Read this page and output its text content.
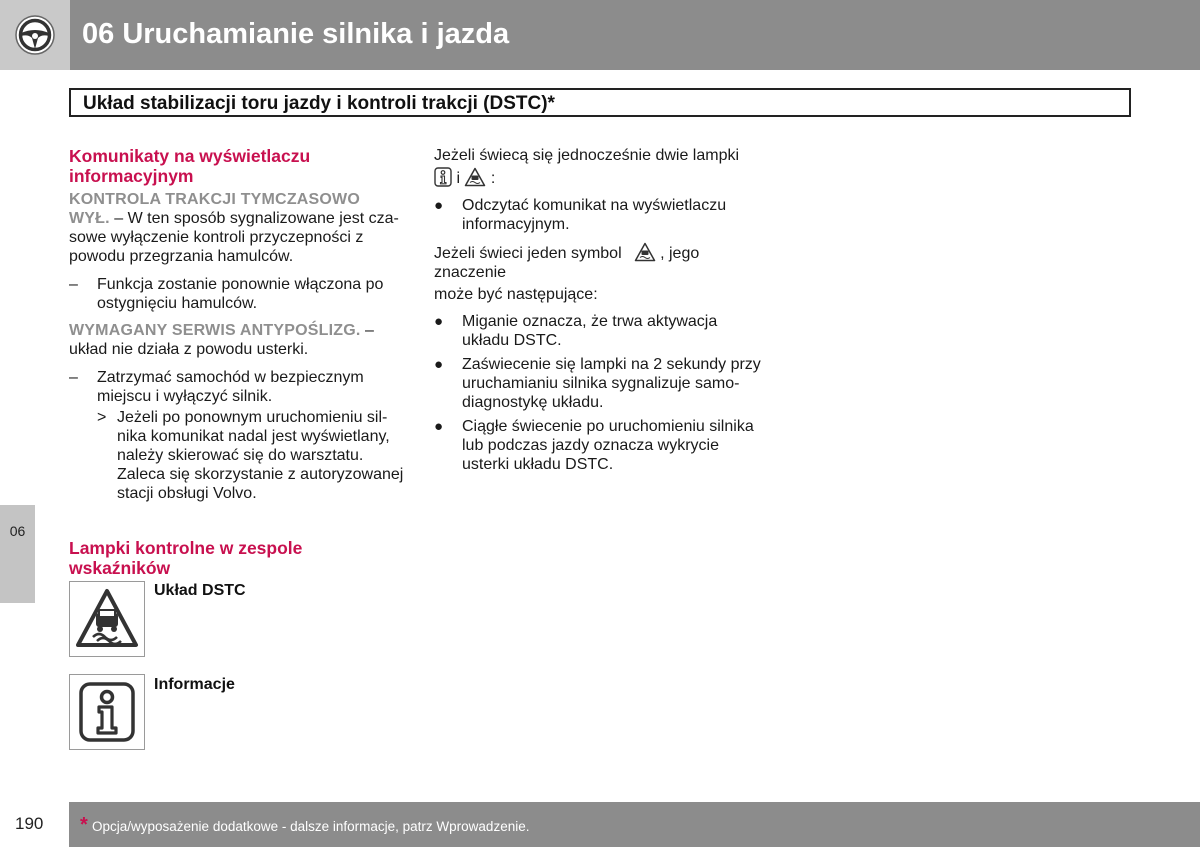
06 Uruchamianie silnika i jazda
Układ stabilizacji toru jazdy i kontroli trakcji (DSTC)*
06
Komunikaty na wyświetlaczu
informacyjnym
KONTROLA TRAKCJI TYMCZASOWO
WYŁ. – W ten sposób sygnalizowane jest cza-
sowe wyłączenie kontroli przyczepności z
powodu przegrzania hamulców.
– Funkcja zostanie ponownie włączona po
ostygnięciu hamulców.
WYMAGANY SERWIS ANTYPOŚLIZG. –
układ nie działa z powodu usterki.
– Zatrzymać samochód w bezpiecznym
miejscu i wyłączyć silnik.
> Jeżeli po ponownym uruchomieniu sil-
nika komunikat nadal jest wyświetlany,
należy skierować się do warsztatu.
Zaleca się skorzystanie z autoryzowanej
stacji obsługi Volvo.
Lampki kontrolne w zespole
wskaźników
Układ DSTC
Informacje
Jeżeli świecą się jednocześnie dwie lampki
i :
● Odczytać komunikat na wyświetlaczu
informacyjnym.
Jeżeli świeci jeden symbol , jego znaczenie
może być następujące:
● Miganie oznacza, że trwa aktywacja
układu DSTC.
● Zaświecenie się lampki na 2 sekundy przy
uruchamianiu silnika sygnalizuje samo-
diagnostykę układu.
● Ciągłe świecenie po uruchomieniu silnika
lub podczas jazdy oznacza wykrycie
usterki układu DSTC.
190 * Opcja/wyposażenie dodatkowe - dalsze informacje, patrz Wprowadzenie.
